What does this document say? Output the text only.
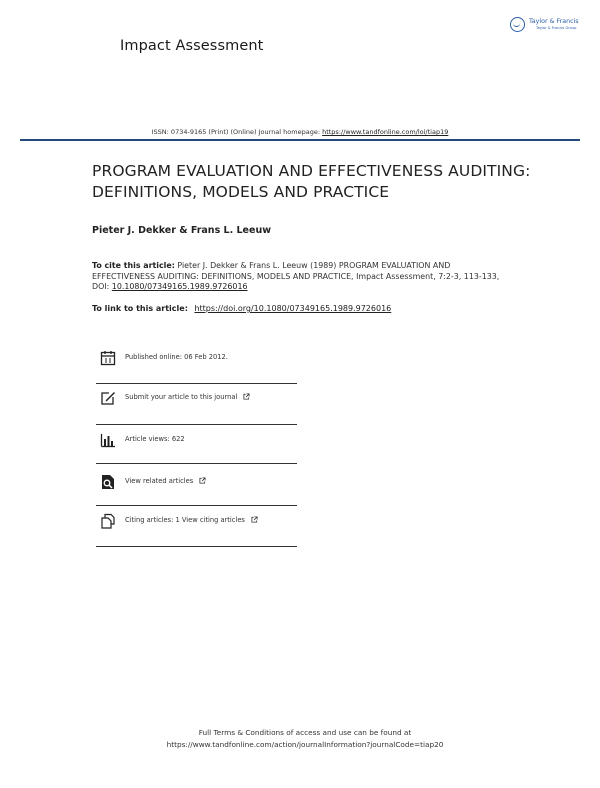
Impact Assessment
Taylor & Francis
Taylor & Francis Group
ISSN: 0734-9165 (Print) (Online) Journal homepage: https://www.tandfonline.com/loi/tiap19
PROGRAM EVALUATION AND EFFECTIVENESS AUDITING: DEFINITIONS, MODELS AND PRACTICE
Pieter J. Dekker & Frans L. Leeuw
To cite this article: Pieter J. Dekker & Frans L. Leeuw (1989) PROGRAM EVALUATION AND EFFECTIVENESS AUDITING: DEFINITIONS, MODELS AND PRACTICE, Impact Assessment, 7:2-3, 113-133, DOI: 10.1080/07349165.1989.9726016
To link to this article: https://doi.org/10.1080/07349165.1989.9726016
Published online: 06 Feb 2012.
Submit your article to this journal
Article views: 622
View related articles
Citing articles: 1 View citing articles
Full Terms & Conditions of access and use can be found at
https://www.tandfonline.com/action/journalInformation?journalCode=tiap20
